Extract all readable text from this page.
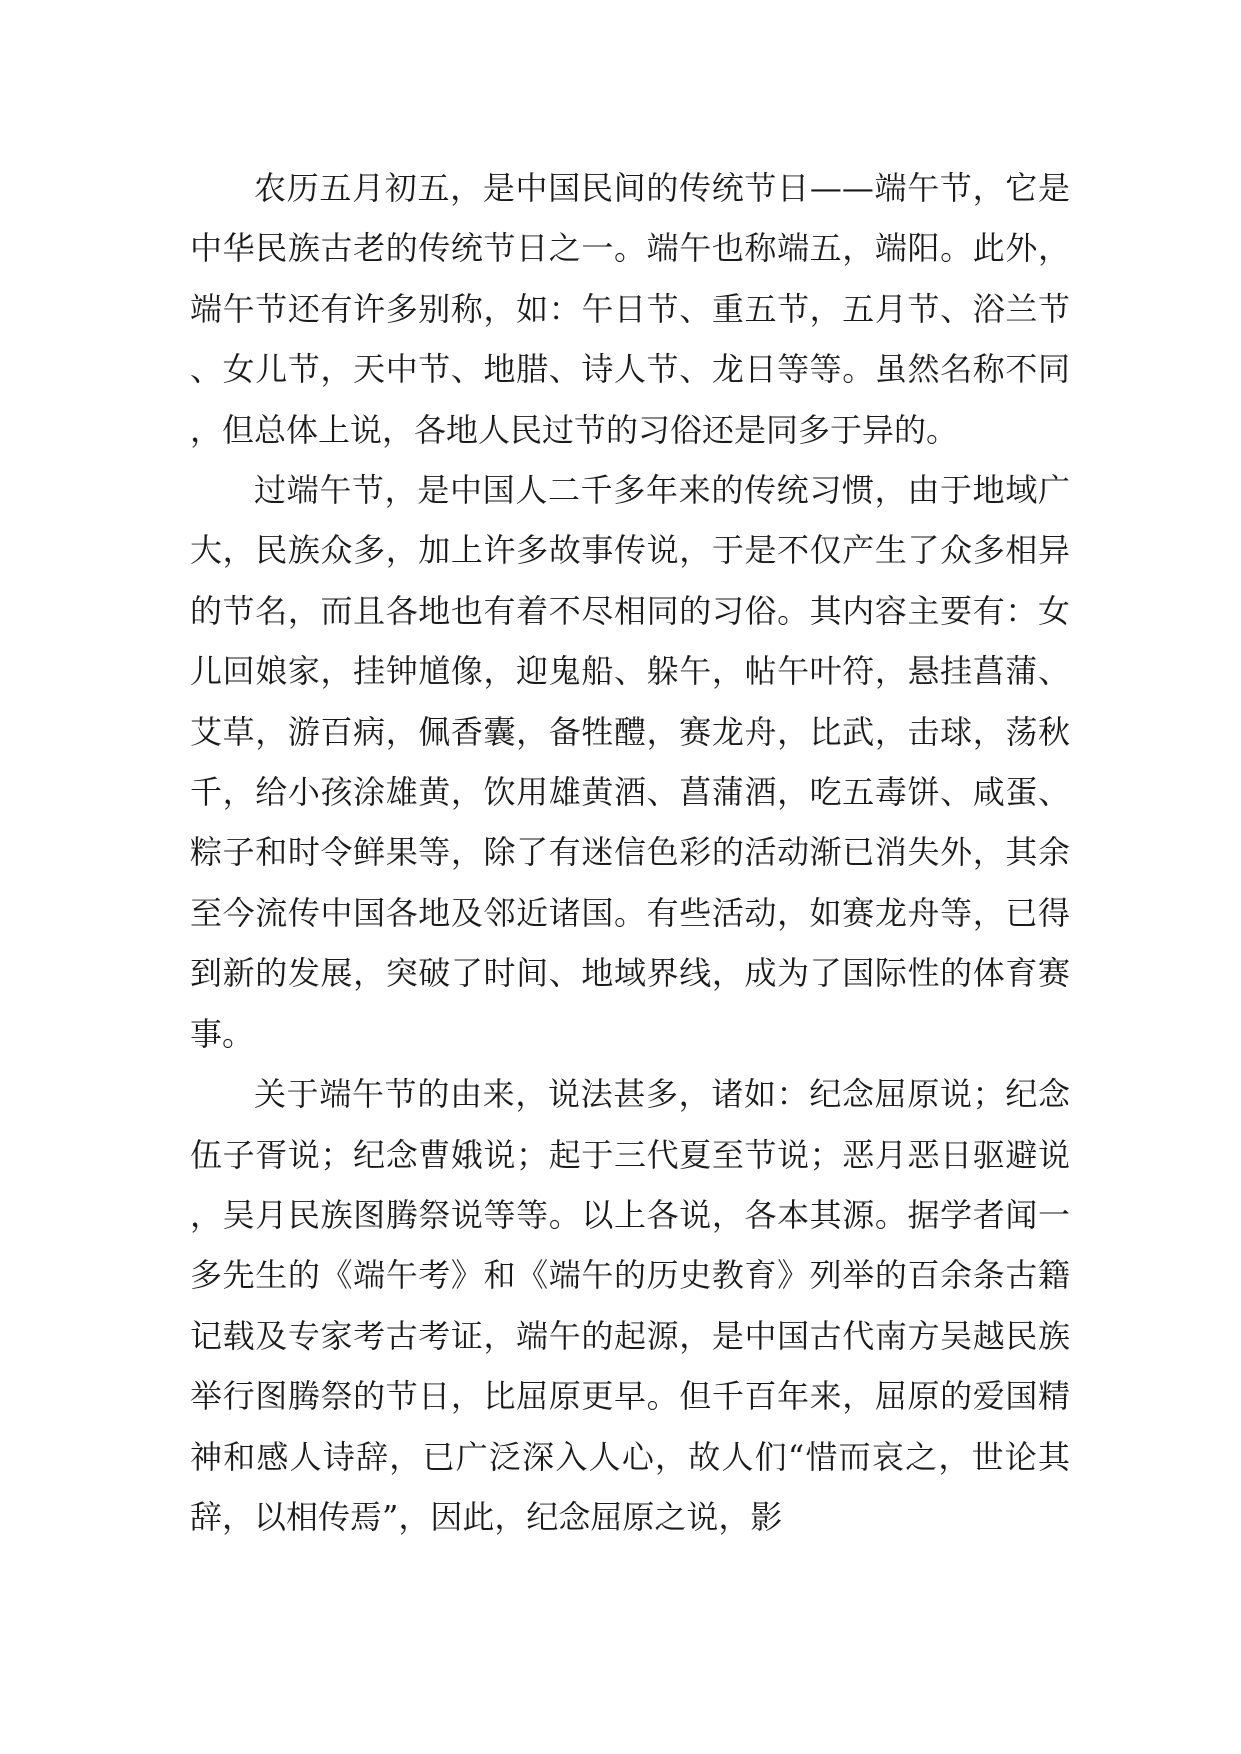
农历五月初五，是中国民间的传统节日——端午节，它是中华民族古老的传统节日之一。端午也称端五，端阳。此外，端午节还有许多别称，如：午日节、重五节，五月节、浴兰节、女儿节，天中节、地腊、诗人节、龙日等等。虽然名称不同，但总体上说，各地人民过节的习俗还是同多于异的。

过端午节，是中国人二千多年来的传统习惯，由于地域广大，民族众多，加上许多故事传说，于是不仅产生了众多相异的节名，而且各地也有着不尽相同的习俗。其内容主要有：女儿回娘家，挂钟馗像，迎鬼船、躲午，帖午叶符，悬挂菖蒲、艾草，游百病，佩香囊，备牲醴，赛龙舟，比武，击球，荡秋千，给小孩涂雄黄，饮用雄黄酒、菖蒲酒，吃五毒饼、咸蛋、粽子和时令鲜果等，除了有迷信色彩的活动渐已消失外，其余至今流传中国各地及邻近诸国。有些活动，如赛龙舟等，已得到新的发展，突破了时间、地域界线，成为了国际性的体育赛事。

关于端午节的由来，说法甚多，诸如：纪念屈原说；纪念伍子胥说；纪念曹娥说；起于三代夏至节说；恶月恶日驱避说，吴月民族图腾祭说等等。以上各说，各本其源。据学者闻一多先生的《端午考》和《端午的历史教育》列举的百余条古籍记载及专家考古考证，端午的起源，是中国古代南方吴越民族举行图腾祭的节日，比屈原更早。但千百年来，屈原的爱国精神和感人诗辞，已广泛深入人心，故人们“惜而哀之，世论其辞，以相传焉”，因此，纪念屈原之说，影
